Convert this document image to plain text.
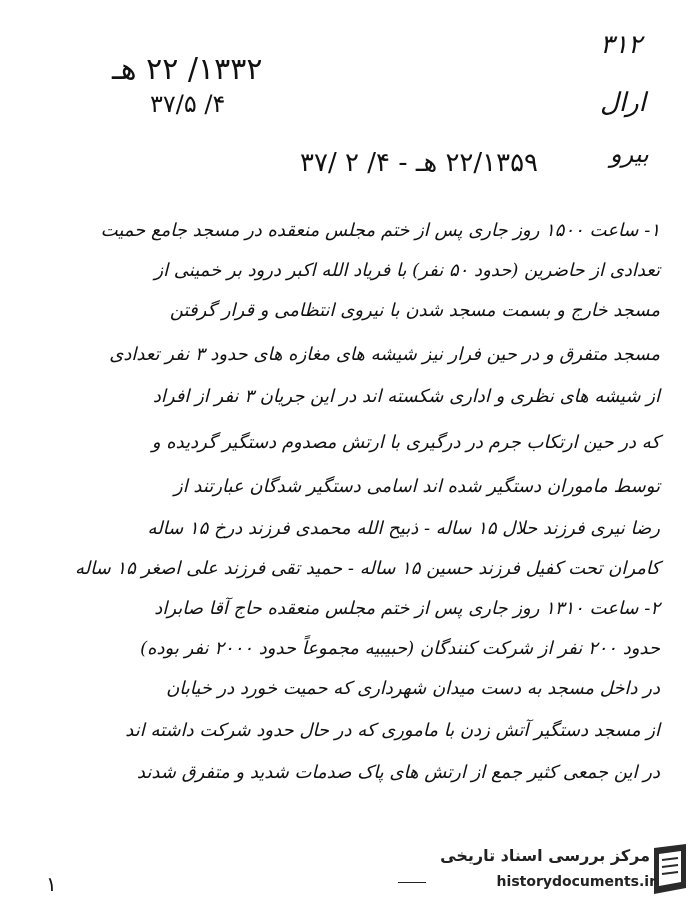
۱۳۳۲/ ۲۲ هـ
۳۷/۵ /۴
۳۱۲
ارال
بیرو
۲۲/۱۳۵۹ هـ - ۴/ ۲ /۳۷
۱- ساعت ۱۵۰۰ روز جاری پس از ختم مجلس منعقده در مسجد جامع حمیت
تعدادی از حاضرین (حدود ۵۰ نفر) با فریاد الله اکبر درود بر خمینی از
مسجد خارج و بسمت مسجد شدن با نیروی انتظامی و قرار گرفتن
مسجد متفرق و در حین فرار نیز شیشه های مغازه های حدود ۳ نفر تعدادی
از شیشه های نظری و اداری شکسته اند در این جریان ۳ نفر از افراد
که در حین ارتکاب جرم در درگیری با ارتش مصدوم دستگیر گردیده و
توسط ماموران دستگیر شده اند اسامی دستگیر شدگان عبارتند از
رضا نیری فرزند حلال ۱۵ ساله - ذبیح الله محمدی فرزند درخ ۱۵ ساله
کامران تحت کفیل فرزند حسین ۱۵ ساله - حمید تقی فرزند علی اصغر ۱۵ ساله
۲- ساعت ۱۳۱۰ روز جاری پس از ختم مجلس منعقده حاج آقا صابراد
حدود ۲۰۰ نفر از شرکت کنندگان (حبیبیه مجموعاً حدود ۲۰۰۰ نفر بوده)
در داخل مسجد به دست میدان شهرداری که حمیت خورد در خیابان
از مسجد دستگیر آتش زدن با ماموری که در حال حدود شرکت داشته اند
در این جمعی کثیر جمع از ارتش های پاک صدمات شدید و متفرق شدند
۱
مرکز بررسی اسناد تاریخی
historydocuments.ir
